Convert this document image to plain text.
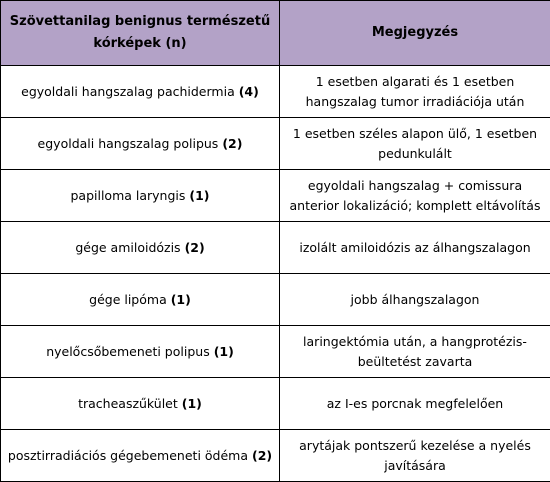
Szövettanilag benignus természetű kórképek (n)	Megjegyzés
egyoldali hangszalag pachidermia (4)	1 esetben algarati és 1 esetben hangszalag tumor irradiációja után
egyoldali hangszalag polipus (2)	1 esetben széles alapon ülő, 1 esetben pedunkulált
papilloma laryngis (1)	egyoldali hangszalag + comissura anterior lokalizáció; komplett eltávolítás
gége amiloidózis (2)	izolált amiloidózis az álhangszalagon
gége lipóma (1)	jobb álhangszalagon
nyelőcsőbemeneti polipus (1)	laringektómia után, a hangprotézis-beültetést zavarta
tracheaszűkület (1)	az I-es porcnak megfelelően
posztirradiációs gégebemeneti ödéma (2)	arytájak pontszerű kezelése a nyelés javítására
